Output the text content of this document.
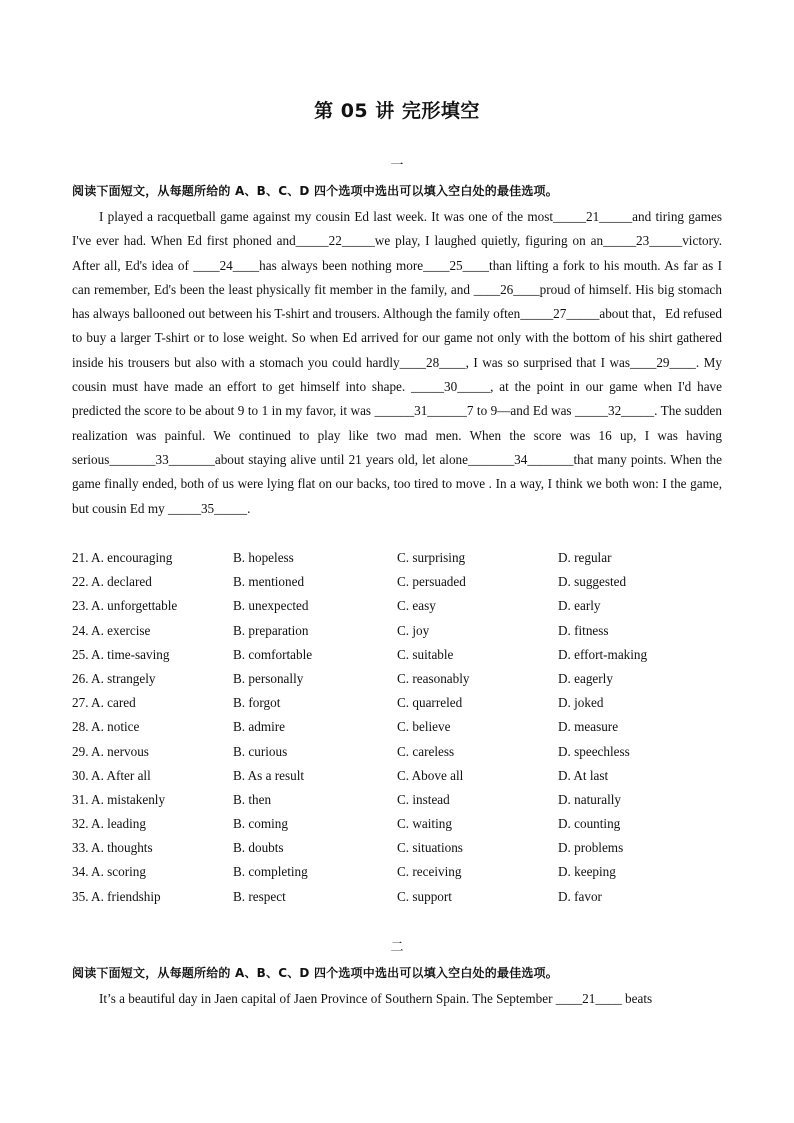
第 05 讲 完形填空
一
阅读下面短文，从每题所给的 A、B、C、D 四个选项中选出可以填入空白处的最佳选项。

I played a racquetball game against my cousin Ed last week. It was one of the most_____21_____and tiring games I've ever had. When Ed first phoned and_____22_____we play, I laughed quietly, figuring on an_____23_____victory. After all, Ed's idea of ____24____has always been nothing more____25____than lifting a fork to his mouth. As far as I can remember, Ed's been the least physically fit member in the family, and ____26____proud of himself. His big stomach has always ballooned out between his T-shirt and trousers. Although the family often_____27_____about that，Ed refused to buy a larger T-shirt or to lose weight. So when Ed arrived for our game not only with the bottom of his shirt gathered inside his trousers but also with a stomach you could hardly____28____, I was so surprised that I was____29____. My cousin must have made an effort to get himself into shape. _____30_____, at the point in our game when I'd have predicted the score to be about 9 to 1 in my favor, it was ______31______7 to 9—and Ed was _____32_____. The sudden realization was painful. We continued to play like two mad men. When the score was 16 up, I was having serious_______33_______about staying alive until 21 years old, let alone_______34_______that many points. When the game finally ended, both of us were lying flat on our backs, too tired to move . In a way, I think we both won: I the game, but cousin Ed my _____35_____.

21. A. encouraging	B. hopeless	C. surprising	D. regular
22. A. declared	B. mentioned	C. persuaded	D. suggested
23. A. unforgettable	B. unexpected	C. easy	D. early
24. A. exercise	B. preparation	C. joy	D. fitness
25. A. time-saving	B. comfortable	C. suitable	D. effort-making
26. A. strangely	B. personally	C. reasonably	D. eagerly
27. A. cared	B. forgot	C. quarreled	D. joked
28. A. notice	B. admire	C. believe	D. measure
29. A. nervous	B. curious	C. careless	D. speechless
30. A. After all	B. As a result	C. Above all	D. At last
31. A. mistakenly	B. then	C. instead	D. naturally
32. A. leading	B. coming	C. waiting	D. counting
33. A. thoughts	B. doubts	C. situations	D. problems
34. A. scoring	B. completing	C. receiving	D. keeping
35. A. friendship	B. respect	C. support	D. favor
二
阅读下面短文，从每题所给的 A、B、C、D 四个选项中选出可以填入空白处的最佳选项。

It’s a beautiful day in Jaen capital of Jaen Province of Southern Spain. The September ____21____ beats
